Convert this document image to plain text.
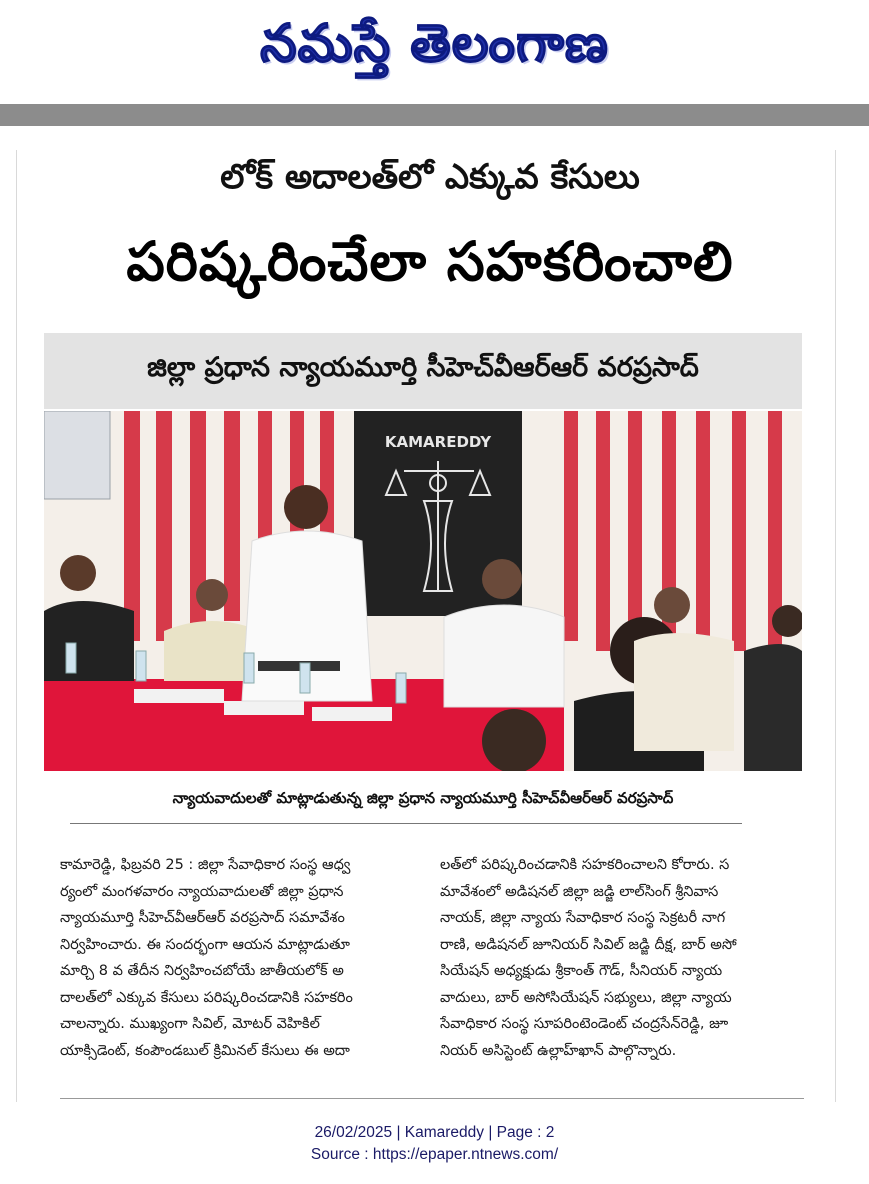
నమస్తే తెలంగాణ
లోక్ అదాలత్‌లో ఎక్కువ కేసులు
పరిష్కరించేలా సహకరించాలి
జిల్లా ప్రధాన న్యాయమూర్తి సీహెచ్‌వీఆర్‌ఆర్ వరప్రసాద్
KAMAREDDY
న్యాయవాదులతో మాట్లాడుతున్న జిల్లా ప్రధాన న్యాయమూర్తి సీహెచ్‌వీఆర్‌ఆర్ వరప్రసాద్
కామారెడ్డి, ఫిబ్రవరి 25 : జిల్లా సేవాధికార సంస్థ ఆధ్వ
ర్యంలో మంగళవారం న్యాయవాదులతో జిల్లా ప్రధాన
న్యాయమూర్తి సీహెచ్‌వీఆర్‌ఆర్ వరప్రసాద్ సమావేశం
నిర్వహించారు. ఈ సందర్భంగా ఆయన మాట్లాడుతూ
మార్చి 8 వ తేదీన నిర్వహించబోయే జాతీయలోక్ అ
దాలత్‌లో ఎక్కువ కేసులు పరిష్కరించడానికి సహకరిం
చాలన్నారు. ముఖ్యంగా సివిల్, మోటర్ వెహికిల్
యాక్సిడెంట్, కంపౌండబుల్ క్రిమినల్ కేసులు ఈ అదా
లత్‌లో పరిష్కరించడానికి సహకరించాలని కోరారు. స
మావేశంలో అడిషనల్ జిల్లా జడ్జి లాల్‌సింగ్ శ్రీనివాస
నాయక్, జిల్లా న్యాయ సేవాధికార సంస్థ సెక్రటరీ నాగ
రాణి, అడిషనల్ జూనియర్ సివిల్ జడ్జి దీక్ష, బార్ అసో
సియేషన్ అధ్యక్షుడు శ్రీకాంత్ గౌడ్, సీనియర్ న్యాయ
వాదులు, బార్ అసోసియేషన్ సభ్యులు, జిల్లా న్యాయ
సేవాధికార సంస్థ సూపరింటెండెంట్ చంద్రసేన్‌రెడ్డి, జూ
నియర్ అసిస్టెంట్ ఉల్లాహ్‌ఖాన్ పాల్గొన్నారు.
26/02/2025 | Kamareddy | Page : 2
Source : https://epaper.ntnews.com/
